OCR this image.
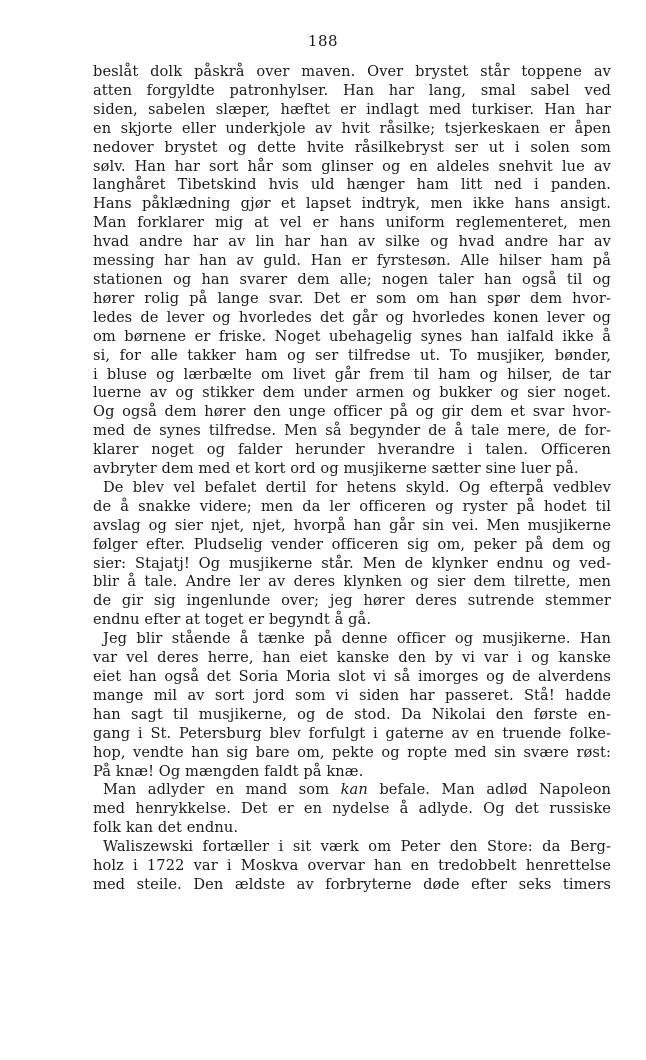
188
beslåt dolk påskrå over maven. Over brystet står toppene av
atten forgyldte patronhylser. Han har lang, smal sabel ved
siden, sabelen slæper, hæftet er indlagt med turkiser. Han har
en skjorte eller underkjole av hvit råsilke; tsjerkeskaen er åpen
nedover brystet og dette hvite råsilkebryst ser ut i solen som
sølv. Han har sort hår som glinser og en aldeles snehvit lue av
langhåret Tibetskind hvis uld hænger ham litt ned i panden.
Hans påklædning gjør et lapset indtryk, men ikke hans ansigt.
Man forklarer mig at vel er hans uniform reglementeret, men
hvad andre har av lin har han av silke og hvad andre har av
messing har han av guld. Han er fyrstesøn. Alle hilser ham på
stationen og han svarer dem alle; nogen taler han også til og
hører rolig på lange svar. Det er som om han spør dem hvor-
ledes de lever og hvorledes det går og hvorledes konen lever og
om børnene er friske. Noget ubehagelig synes han ialfald ikke å
si, for alle takker ham og ser tilfredse ut. To musjiker, bønder,
i bluse og lærbælte om livet går frem til ham og hilser, de tar
luerne av og stikker dem under armen og bukker og sier noget.
Og også dem hører den unge officer på og gir dem et svar hvor-
med de synes tilfredse. Men så begynder de å tale mere, de for-
klarer noget og falder herunder hverandre i talen. Officeren
avbryter dem med et kort ord og musjikerne sætter sine luer på.
De blev vel befalet dertil for hetens skyld. Og efterpå vedblev
de å snakke videre; men da ler officeren og ryster på hodet til
avslag og sier njet, njet, hvorpå han går sin vei. Men musjikerne
følger efter. Pludselig vender officeren sig om, peker på dem og
sier: Stajatj! Og musjikerne står. Men de klynker endnu og ved-
blir å tale. Andre ler av deres klynken og sier dem tilrette, men
de gir sig ingenlunde over; jeg hører deres sutrende stemmer
endnu efter at toget er begyndt å gå.
Jeg blir stående å tænke på denne officer og musjikerne. Han
var vel deres herre, han eiet kanske den by vi var i og kanske
eiet han også det Soria Moria slot vi så imorges og de alverdens
mange mil av sort jord som vi siden har passeret. Stå! hadde
han sagt til musjikerne, og de stod. Da Nikolai den første en-
gang i St. Petersburg blev forfulgt i gaterne av en truende folke-
hop, vendte han sig bare om, pekte og ropte med sin svære røst:
På knæ! Og mængden faldt på knæ.
Man adlyder en mand som kan befale. Man adlød Napoleon
med henrykkelse. Det er en nydelse å adlyde. Og det russiske
folk kan det endnu.
Waliszewski fortæller i sit værk om Peter den Store: da Berg-
holz i 1722 var i Moskva overvar han en tredobbelt henrettelse
med steile. Den ældste av forbryterne døde efter seks timers
